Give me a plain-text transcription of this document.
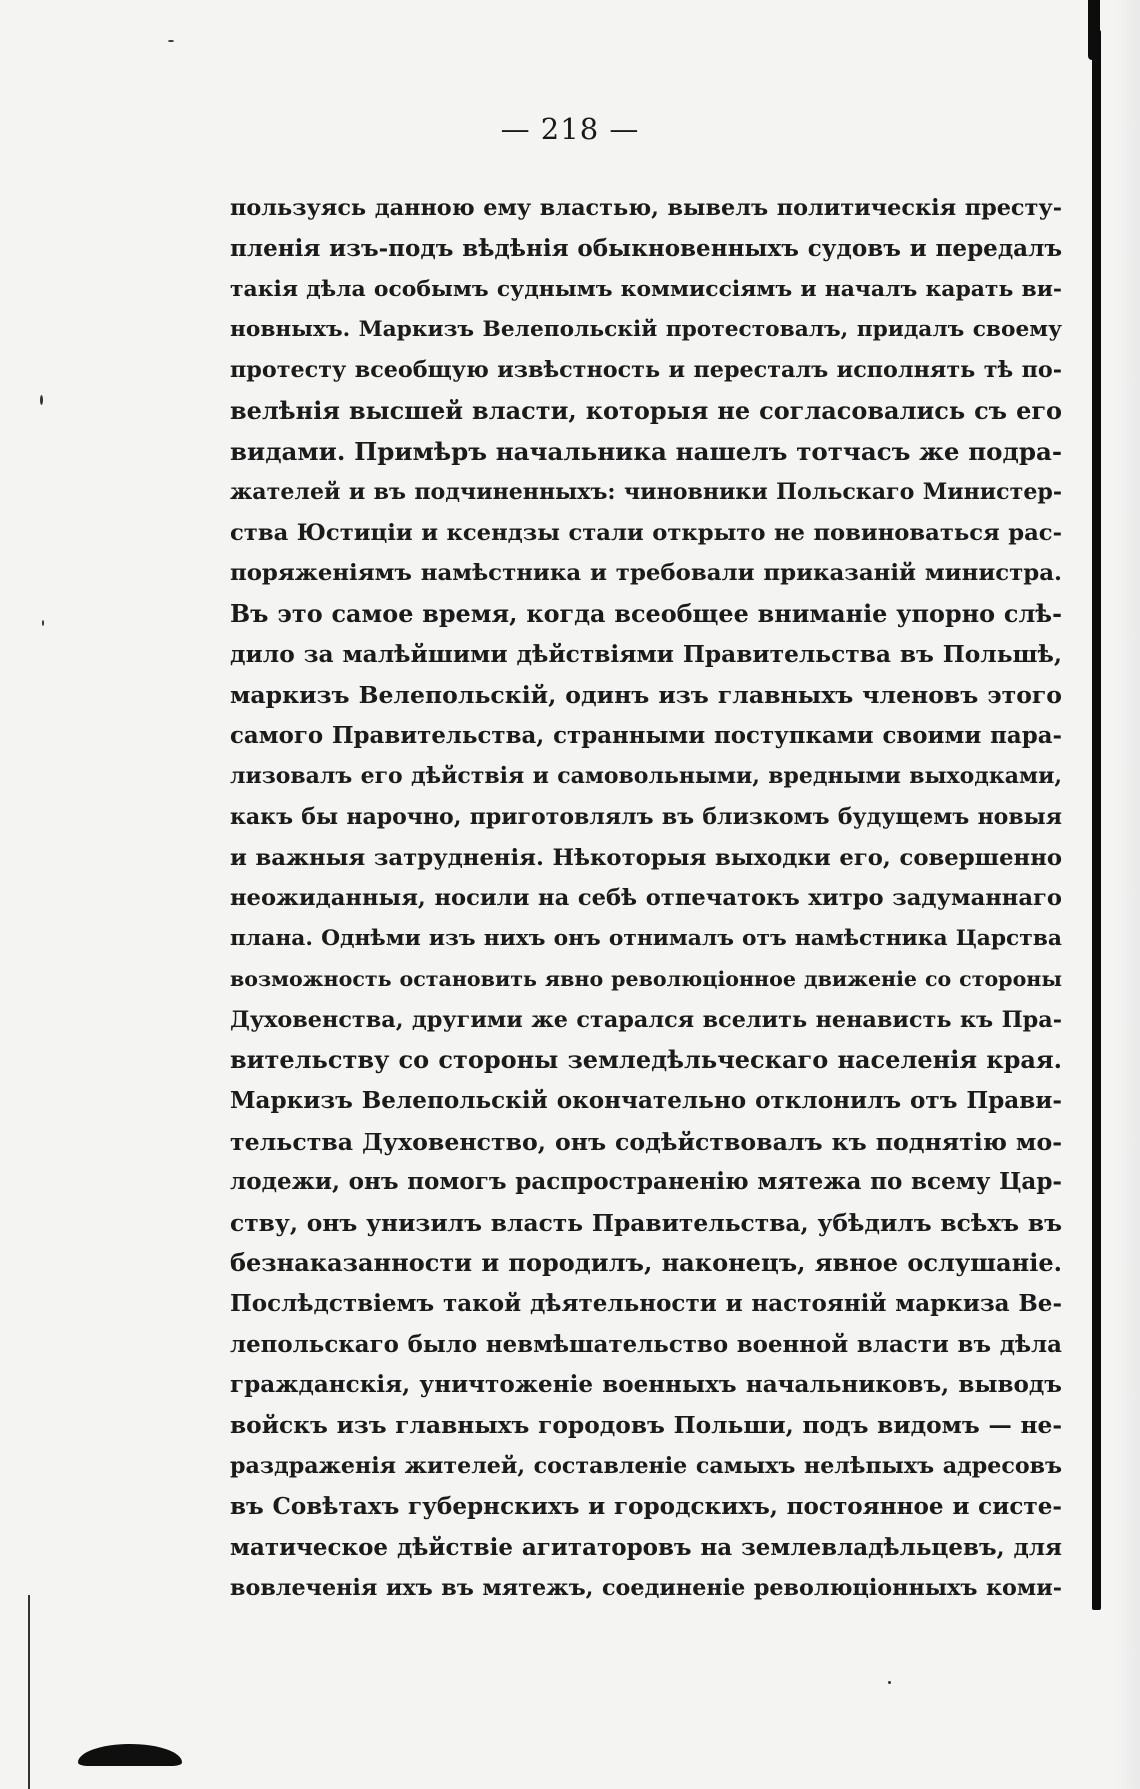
— 218 —
пользуясь данною ему властью, вывелъ политическія престу-
пленія изъ-подъ вѣдѣнія обыкновенныхъ судовъ и передалъ
такія дѣла особымъ суднымъ коммиссіямъ и началъ карать ви-
новныхъ. Маркизъ Велепольскій протестовалъ, придалъ своему
протесту всеобщую извѣстность и пересталъ исполнять тѣ по-
велѣнія высшей власти, которыя не согласовались съ его
видами. Примѣръ начальника нашелъ тотчасъ же подра-
жателей и въ подчиненныхъ: чиновники Польскаго Министер-
ства Юстиціи и ксендзы стали открыто не повиноваться рас-
поряженіямъ намѣстника и требовали приказаній министра.
Въ это самое время, когда всеобщее вниманіе упорно слѣ-
дило за малѣйшими дѣйствіями Правительства въ Польшѣ,
маркизъ Велепольскій, одинъ изъ главныхъ членовъ этого
самого Правительства, странными поступками своими пара-
лизовалъ его дѣйствія и самовольными, вредными выходками,
какъ бы нарочно, приготовлялъ въ близкомъ будущемъ новыя
и важныя затрудненія. Нѣкоторыя выходки его, совершенно
неожиданныя, носили на себѣ отпечатокъ хитро задуманнаго
плана. Однѣми изъ нихъ онъ отнималъ отъ намѣстника Царства
возможность остановить явно революціонное движеніе со стороны
Духовенства, другими же старался вселить ненависть къ Пра-
вительству со стороны земледѣльческаго населенія края.
Маркизъ Велепольскій окончательно отклонилъ отъ Прави-
тельства Духовенство, онъ содѣйствовалъ къ поднятію мо-
лодежи, онъ помогъ распространенію мятежа по всему Цар-
ству, онъ унизилъ власть Правительства, убѣдилъ всѣхъ въ
безнаказанности и породилъ, наконецъ, явное ослушаніе.
Послѣдствіемъ такой дѣятельности и настояній маркиза Ве-
лепольскаго было невмѣшательство военной власти въ дѣла
гражданскія, уничтоженіе военныхъ начальниковъ, выводъ
войскъ изъ главныхъ городовъ Польши, подъ видомъ — не-
раздраженія жителей, составленіе самыхъ нелѣпыхъ адресовъ
въ Совѣтахъ губернскихъ и городскихъ, постоянное и систе-
матическое дѣйствіе агитаторовъ на землевладѣльцевъ, для
вовлеченія ихъ въ мятежъ, соединеніе революціонныхъ коми-
